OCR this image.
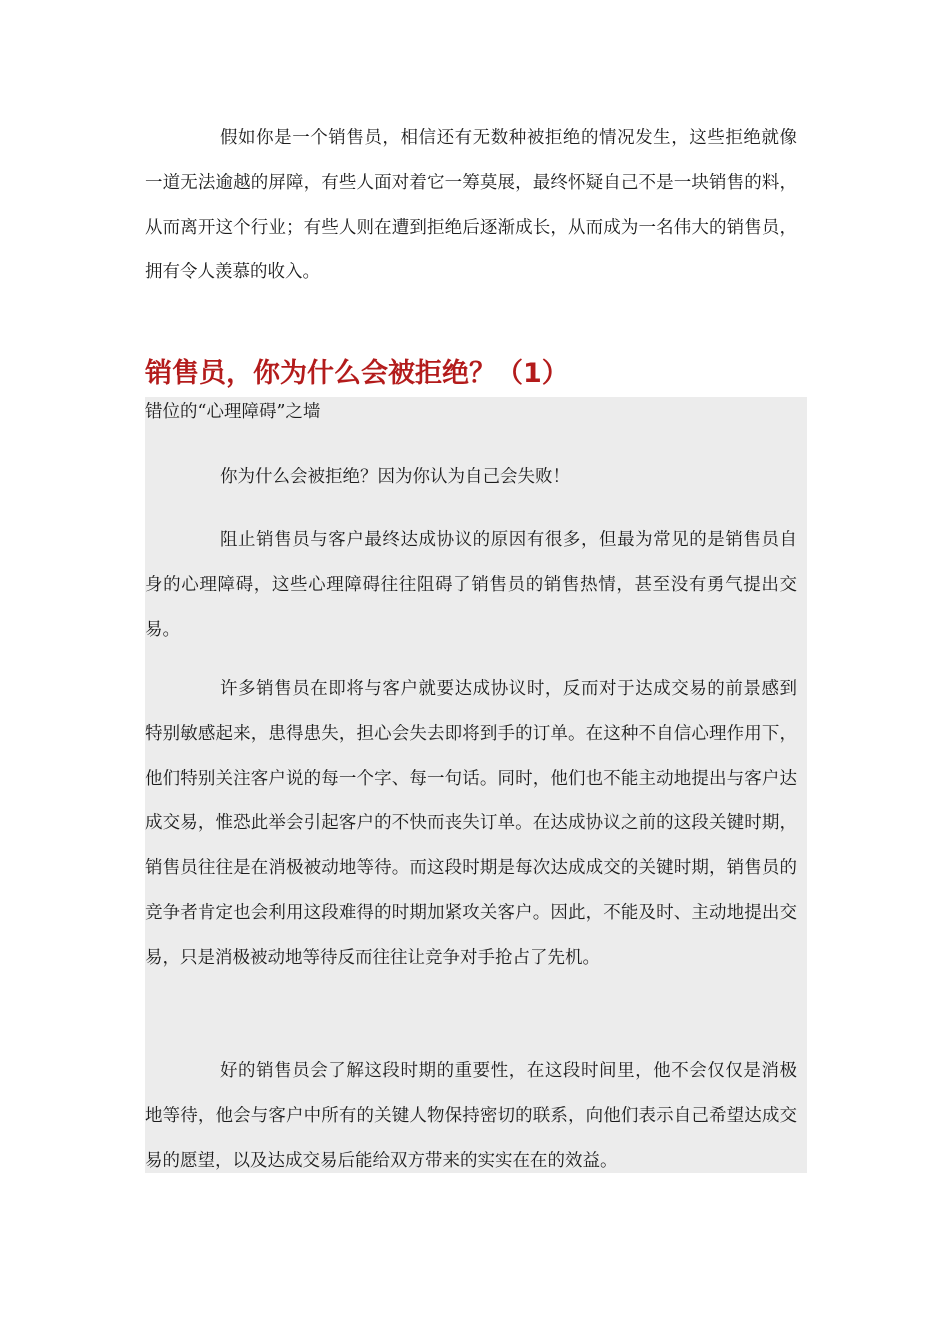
假如你是一个销售员，相信还有无数种被拒绝的情况发生，这些拒绝就像一道无法逾越的屏障，有些人面对着它一筹莫展，最终怀疑自己不是一块销售的料，从而离开这个行业；有些人则在遭到拒绝后逐渐成长，从而成为一名伟大的销售员，拥有令人羡慕的收入。

销售员，你为什么会被拒绝？（1）

错位的“心理障碍”之墙

你为什么会被拒绝？因为你认为自己会失败！

阻止销售员与客户最终达成协议的原因有很多，但最为常见的是销售员自身的心理障碍，这些心理障碍往往阻碍了销售员的销售热情，甚至没有勇气提出交易。

许多销售员在即将与客户就要达成协议时，反而对于达成交易的前景感到特别敏感起来，患得患失，担心会失去即将到手的订单。在这种不自信心理作用下，他们特别关注客户说的每一个字、每一句话。同时，他们也不能主动地提出与客户达成交易，惟恐此举会引起客户的不快而丧失订单。在达成协议之前的这段关键时期，销售员往往是在消极被动地等待。而这段时期是每次达成成交的关键时期，销售员的竞争者肯定也会利用这段难得的时期加紧攻关客户。因此，不能及时、主动地提出交易，只是消极被动地等待反而往往让竞争对手抢占了先机。

好的销售员会了解这段时期的重要性，在这段时间里，他不会仅仅是消极地等待，他会与客户中所有的关键人物保持密切的联系，向他们表示自己希望达成交易的愿望，以及达成交易后能给双方带来的实实在在的效益。
